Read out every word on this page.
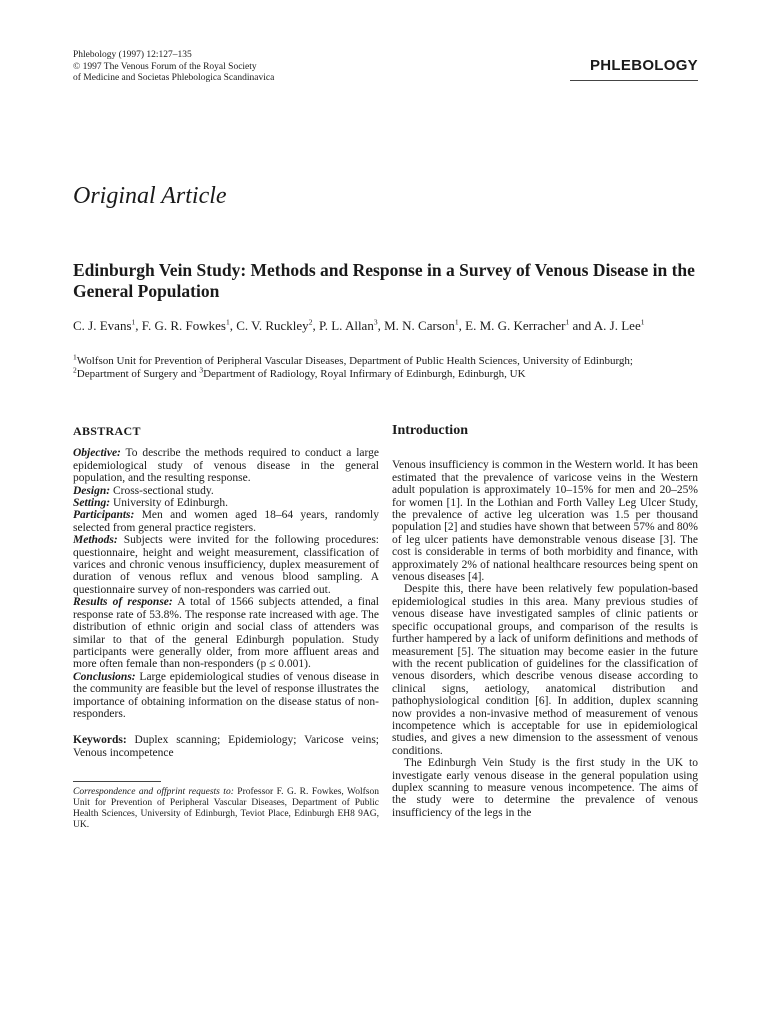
Phlebology (1997) 12:127–135
© 1997 The Venous Forum of the Royal Society
of Medicine and Societas Phlebologica Scandinavica
PHLEBOLOGY
Original Article
Edinburgh Vein Study: Methods and Response in a Survey of Venous Disease in the General Population
C. J. Evans$^1$, F. G. R. Fowkes$^1$, C. V. Ruckley$^2$, P. L. Allan$^3$, M. N. Carson$^1$, E. M. G. Kerracher$^1$ and A. J. Lee$^1$
$^1$Wolfson Unit for Prevention of Peripheral Vascular Diseases, Department of Public Health Sciences, University of Edinburgh;
$^2$Department of Surgery and $^3$Department of Radiology, Royal Infirmary of Edinburgh, Edinburgh, UK
ABSTRACT

Objective: To describe the methods required to conduct a large epidemiological study of venous disease in the general population, and the resulting response.

Design: Cross-sectional study.

Setting: University of Edinburgh.

Participants: Men and women aged 18–64 years, randomly selected from general practice registers.

Methods: Subjects were invited for the following procedures: questionnaire, height and weight measurement, classification of varices and chronic venous insufficiency, duplex measurement of duration of venous reflux and venous blood sampling. A questionnaire survey of non-responders was carried out.

Results of response: A total of 1566 subjects attended, a final response rate of 53.8%. The response rate increased with age. The distribution of ethnic origin and social class of attenders was similar to that of the general Edinburgh population. Study participants were generally older, from more affluent areas and more often female than non-responders (p ≤ 0.001).

Conclusions: Large epidemiological studies of venous disease in the community are feasible but the level of response illustrates the importance of obtaining information on the disease status of non-responders.

Keywords: Duplex scanning; Epidemiology; Varicose veins; Venous incompetence

Correspondence and offprint requests to: Professor F. G. R. Fowkes, Wolfson Unit for Prevention of Peripheral Vascular Diseases, Department of Public Health Sciences, University of Edinburgh, Teviot Place, Edinburgh EH8 9AG, UK.
Introduction

Venous insufficiency is common in the Western world. It has been estimated that the prevalence of varicose veins in the Western adult population is approximately 10–15% for men and 20–25% for women [1]. In the Lothian and Forth Valley Leg Ulcer Study, the prevalence of active leg ulceration was 1.5 per thousand population [2] and studies have shown that between 57% and 80% of leg ulcer patients have demonstrable venous disease [3]. The cost is considerable in terms of both morbidity and finance, with approximately 2% of national healthcare resources being spent on venous diseases [4].

Despite this, there have been relatively few population-based epidemiological studies in this area. Many previous studies of venous disease have investigated samples of clinic patients or specific occupational groups, and comparison of the results is further hampered by a lack of uniform definitions and methods of measurement [5]. The situation may become easier in the future with the recent publication of guidelines for the classification of venous disorders, which describe venous disease according to clinical signs, aetiology, anatomical distribution and pathophysiological condition [6]. In addition, duplex scanning now provides a non-invasive method of measurement of venous incompetence which is acceptable for use in epidemiological studies, and gives a new dimension to the assessment of venous conditions.

The Edinburgh Vein Study is the first study in the UK to investigate early venous disease in the general population using duplex scanning to measure venous incompetence. The aims of the study were to determine the prevalence of venous insufficiency of the legs in the
